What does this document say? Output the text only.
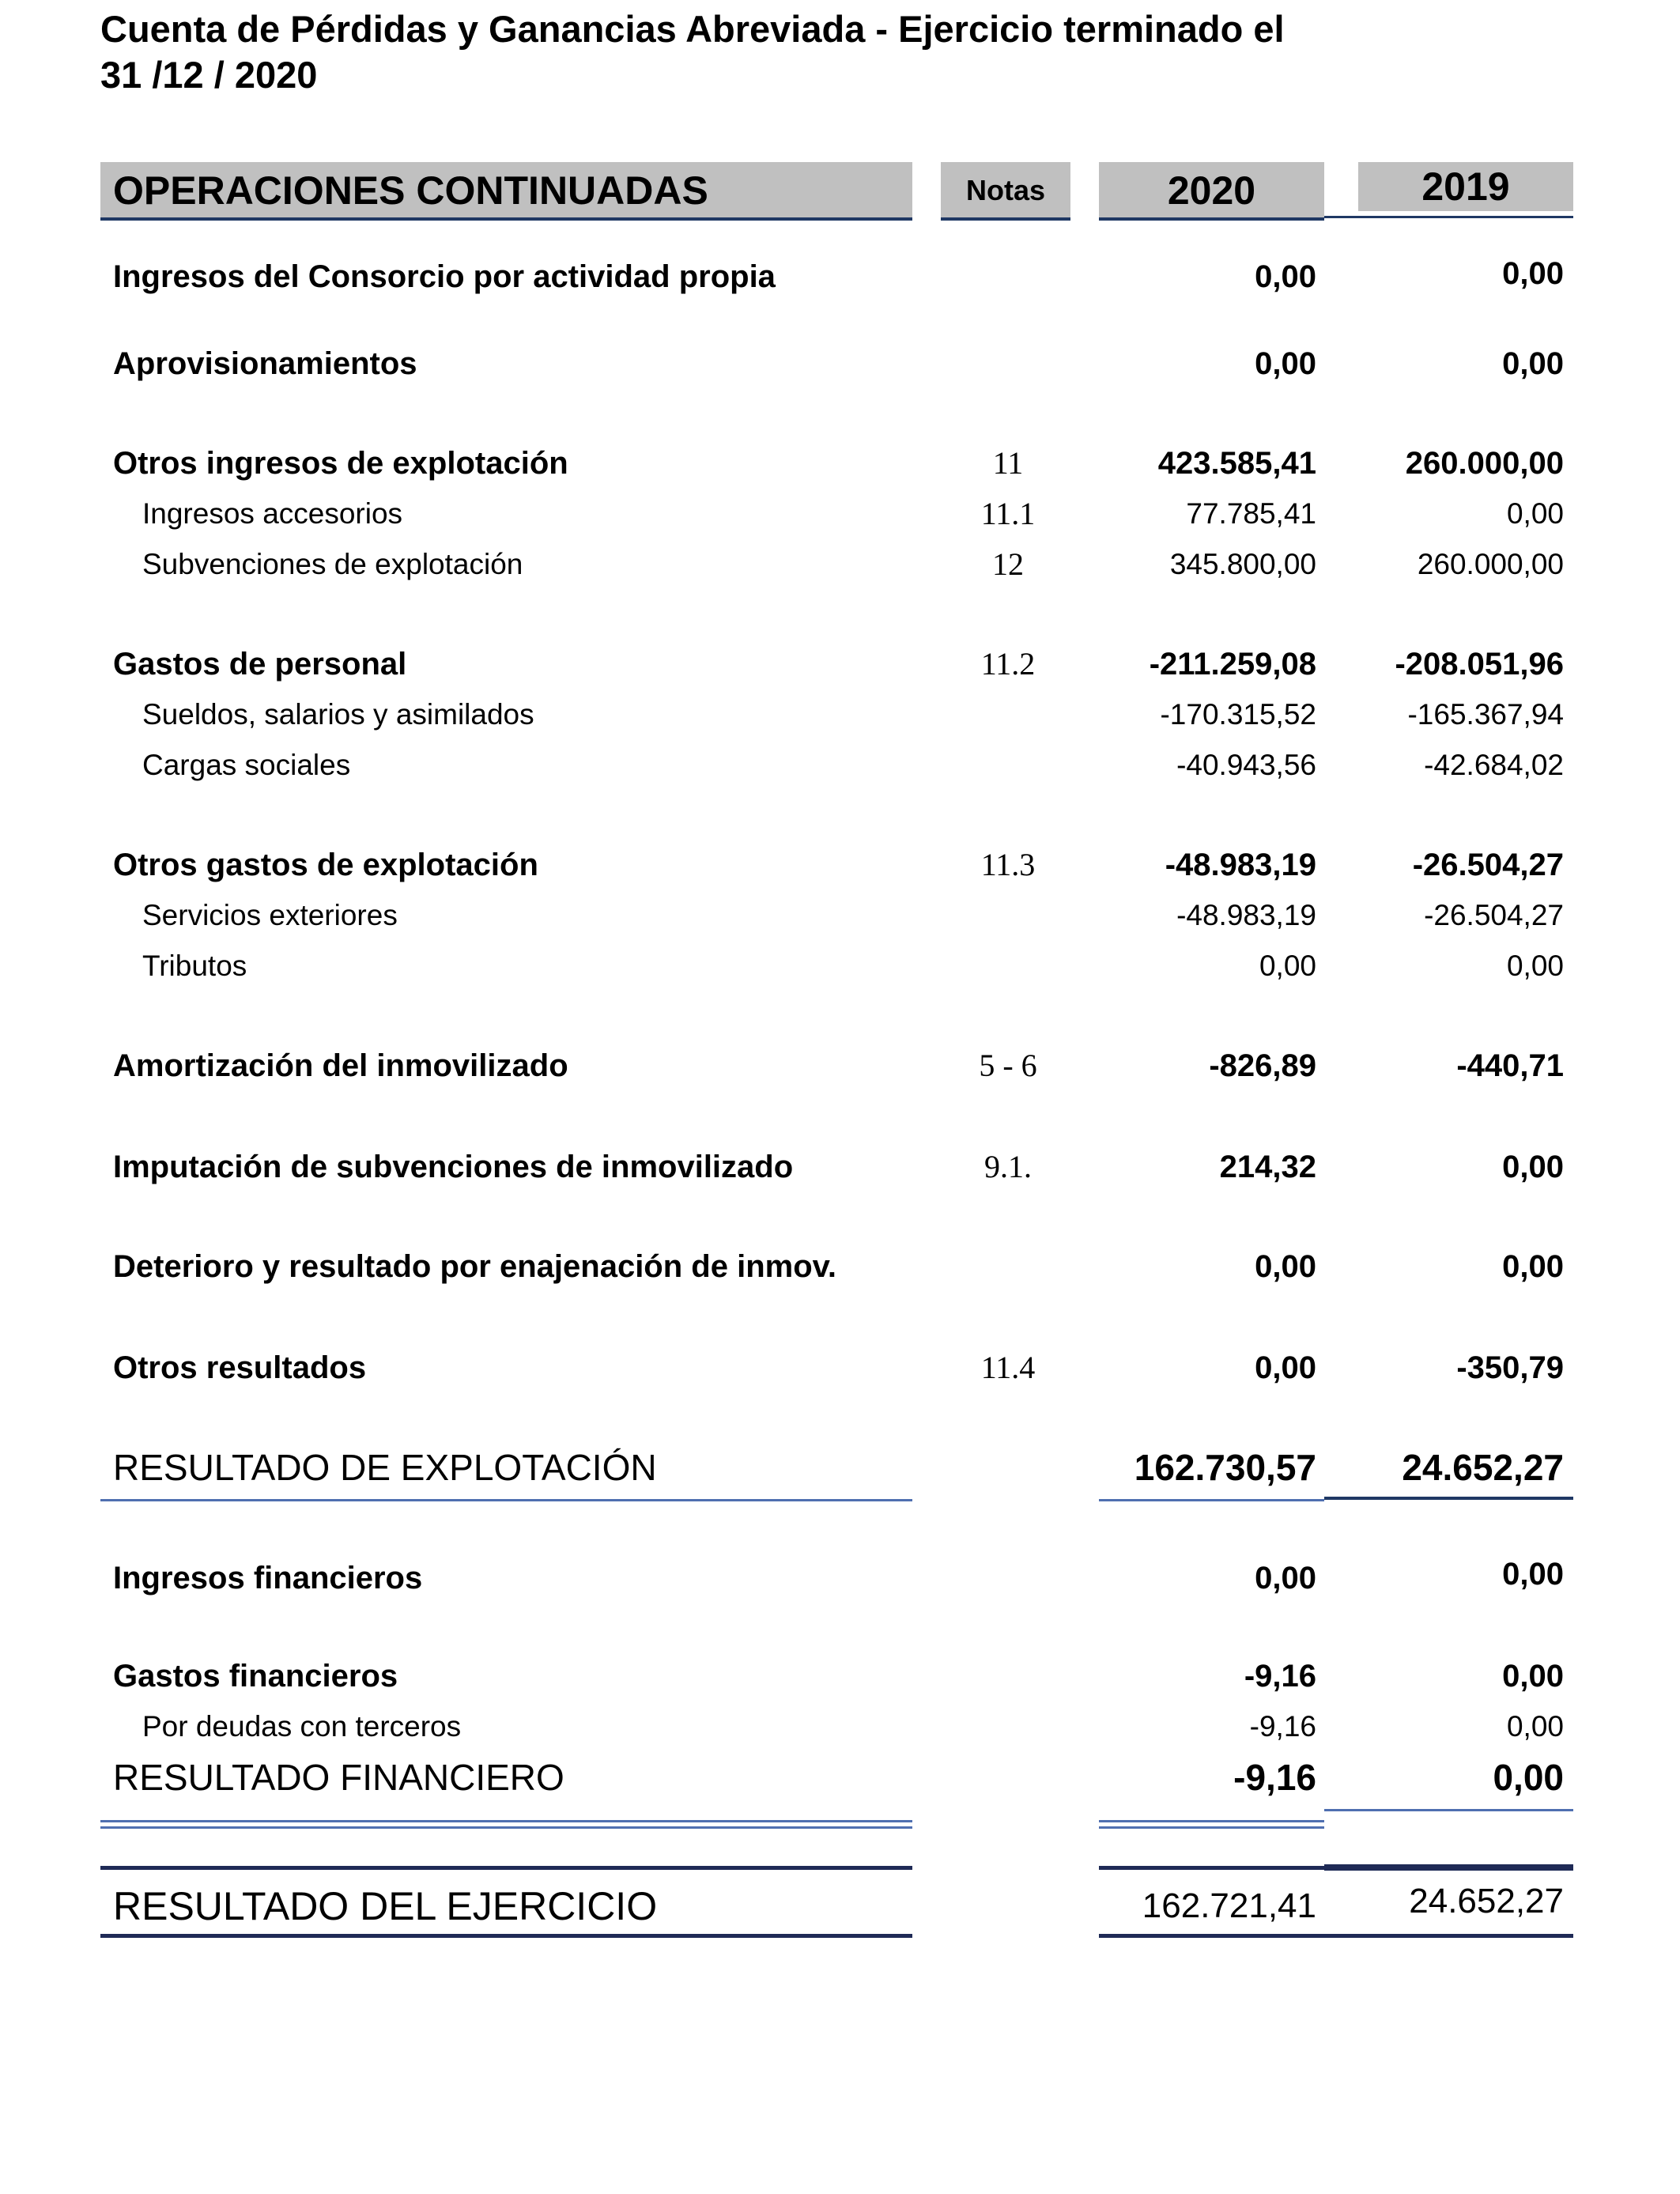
Cuenta de Pérdidas y Ganancias Abreviada - Ejercicio terminado el
31 /12 / 2020
OPERACIONES CONTINUADAS	Notas	2020	2019
Ingresos del Consorcio por actividad propia	0,00	0,00
Aprovisionamientos	0,00	0,00
Otros ingresos de explotación	11	423.585,41	260.000,00
Ingresos accesorios	11.1	77.785,41	0,00
Subvenciones de explotación	12	345.800,00	260.000,00
Gastos de personal	11.2	-211.259,08 -208.051,96
Sueldos, salarios y asimilados	-170.315,52	-165.367,94
Cargas sociales	-40.943,56	-42.684,02
Otros gastos de explotación	11.3	-48.983,19	-26.504,27
Servicios exteriores	-48.983,19	-26.504,27
Tributos	0,00	0,00
Amortización del inmovilizado	5 - 6	-826,89	-440,71
Imputación de subvenciones de inmovilizado	9.1.	214,32	0,00
Deterioro y resultado por enajenación de inmov.	0,00	0,00
Otros resultados	11.4	0,00	-350,79
RESULTADO DE EXPLOTACIÓN	162.730,57 24.652,27
Ingresos financieros	0,00	0,00
Gastos financieros	-9,16	0,00
Por deudas con terceros	-9,16	0,00
RESULTADO FINANCIERO	-9,16	0,00
RESULTADO DEL EJERCICIO	162.721,41	24.652,27
